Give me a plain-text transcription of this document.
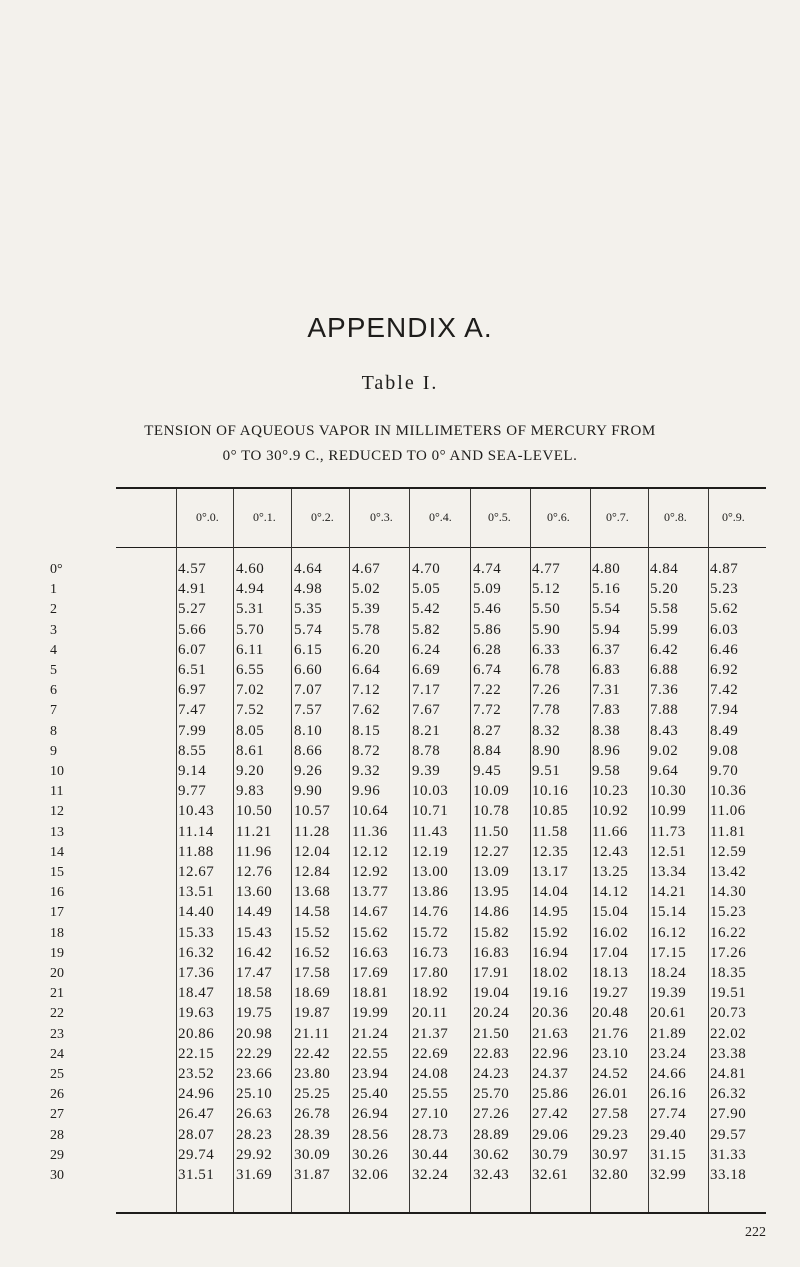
APPENDIX A.
Table I.
TENSION OF AQUEOUS VAPOR IN MILLIMETERS OF MERCURY FROM
0° TO 30°.9 C., REDUCED TO 0° AND SEA-LEVEL.
0°.0.	0°.1.	0°.2.	0°.3.	0°.4.	0°.5.	0°.6.	0°.7.	0°.8.	0°.9.
0°	4.57 4.60 4.64 4.67 4.70 4.74 4.77 4.80 4.84 4.87
1	4.91 4.94 4.98 5.02 5.05 5.09 5.12 5.16 5.20 5.23
2	5.27 5.31 5.35 5.39 5.42 5.46 5.50 5.54 5.58 5.62
3	5.66 5.70 5.74 5.78 5.82 5.86 5.90 5.94 5.99 6.03
4	6.07 6.11 6.15 6.20 6.24 6.28 6.33 6.37 6.42 6.46
5	6.51 6.55 6.60 6.64 6.69 6.74 6.78 6.83 6.88 6.92
6	6.97 7.02 7.07 7.12 7.17 7.22 7.26 7.31 7.36 7.42
7	7.47 7.52 7.57 7.62 7.67 7.72 7.78 7.83 7.88 7.94
8	7.99 8.05 8.10 8.15 8.21 8.27 8.32 8.38 8.43 8.49
9	8.55 8.61 8.66 8.72 8.78 8.84 8.90 8.96 9.02 9.08
10	9.14 9.20 9.26 9.32 9.39 9.45 9.51 9.58 9.64 9.70
11	9.77 9.83 9.90 9.96 10.03 10.09 10.16 10.23 10.30 10.36
12	10.43 10.50 10.57 10.64 10.71 10.78 10.85 10.92 10.99 11.06
13	11.14 11.21 11.28 11.36 11.43 11.50 11.58 11.66 11.73 11.81
14	11.88 11.96 12.04 12.12 12.19 12.27 12.35 12.43 12.51 12.59
15	12.67 12.76 12.84 12.92 13.00 13.09 13.17 13.25 13.34 13.42
16	13.51 13.60 13.68 13.77 13.86 13.95 14.04 14.12 14.21 14.30
17	14.40 14.49 14.58 14.67 14.76 14.86 14.95 15.04 15.14 15.23
18	15.33 15.43 15.52 15.62 15.72 15.82 15.92 16.02 16.12 16.22
19	16.32 16.42 16.52 16.63 16.73 16.83 16.94 17.04 17.15 17.26
20	17.36 17.47 17.58 17.69 17.80 17.91 18.02 18.13 18.24 18.35
21	18.47 18.58 18.69 18.81 18.92 19.04 19.16 19.27 19.39 19.51
22	19.63 19.75 19.87 19.99 20.11 20.24 20.36 20.48 20.61 20.73
23	20.86 20.98 21.11 21.24 21.37 21.50 21.63 21.76 21.89 22.02
24	22.15 22.29 22.42 22.55 22.69 22.83 22.96 23.10 23.24 23.38
25	23.52 23.66 23.80 23.94 24.08 24.23 24.37 24.52 24.66 24.81
26	24.96 25.10 25.25 25.40 25.55 25.70 25.86 26.01 26.16 26.32
27	26.47 26.63 26.78 26.94 27.10 27.26 27.42 27.58 27.74 27.90
28	28.07 28.23 28.39 28.56 28.73 28.89 29.06 29.23 29.40 29.57
29	29.74 29.92 30.09 30.26 30.44 30.62 30.79 30.97 31.15 31.33
30	31.51 31.69 31.87 32.06 32.24 32.43 32.61 32.80 32.99 33.18
222
